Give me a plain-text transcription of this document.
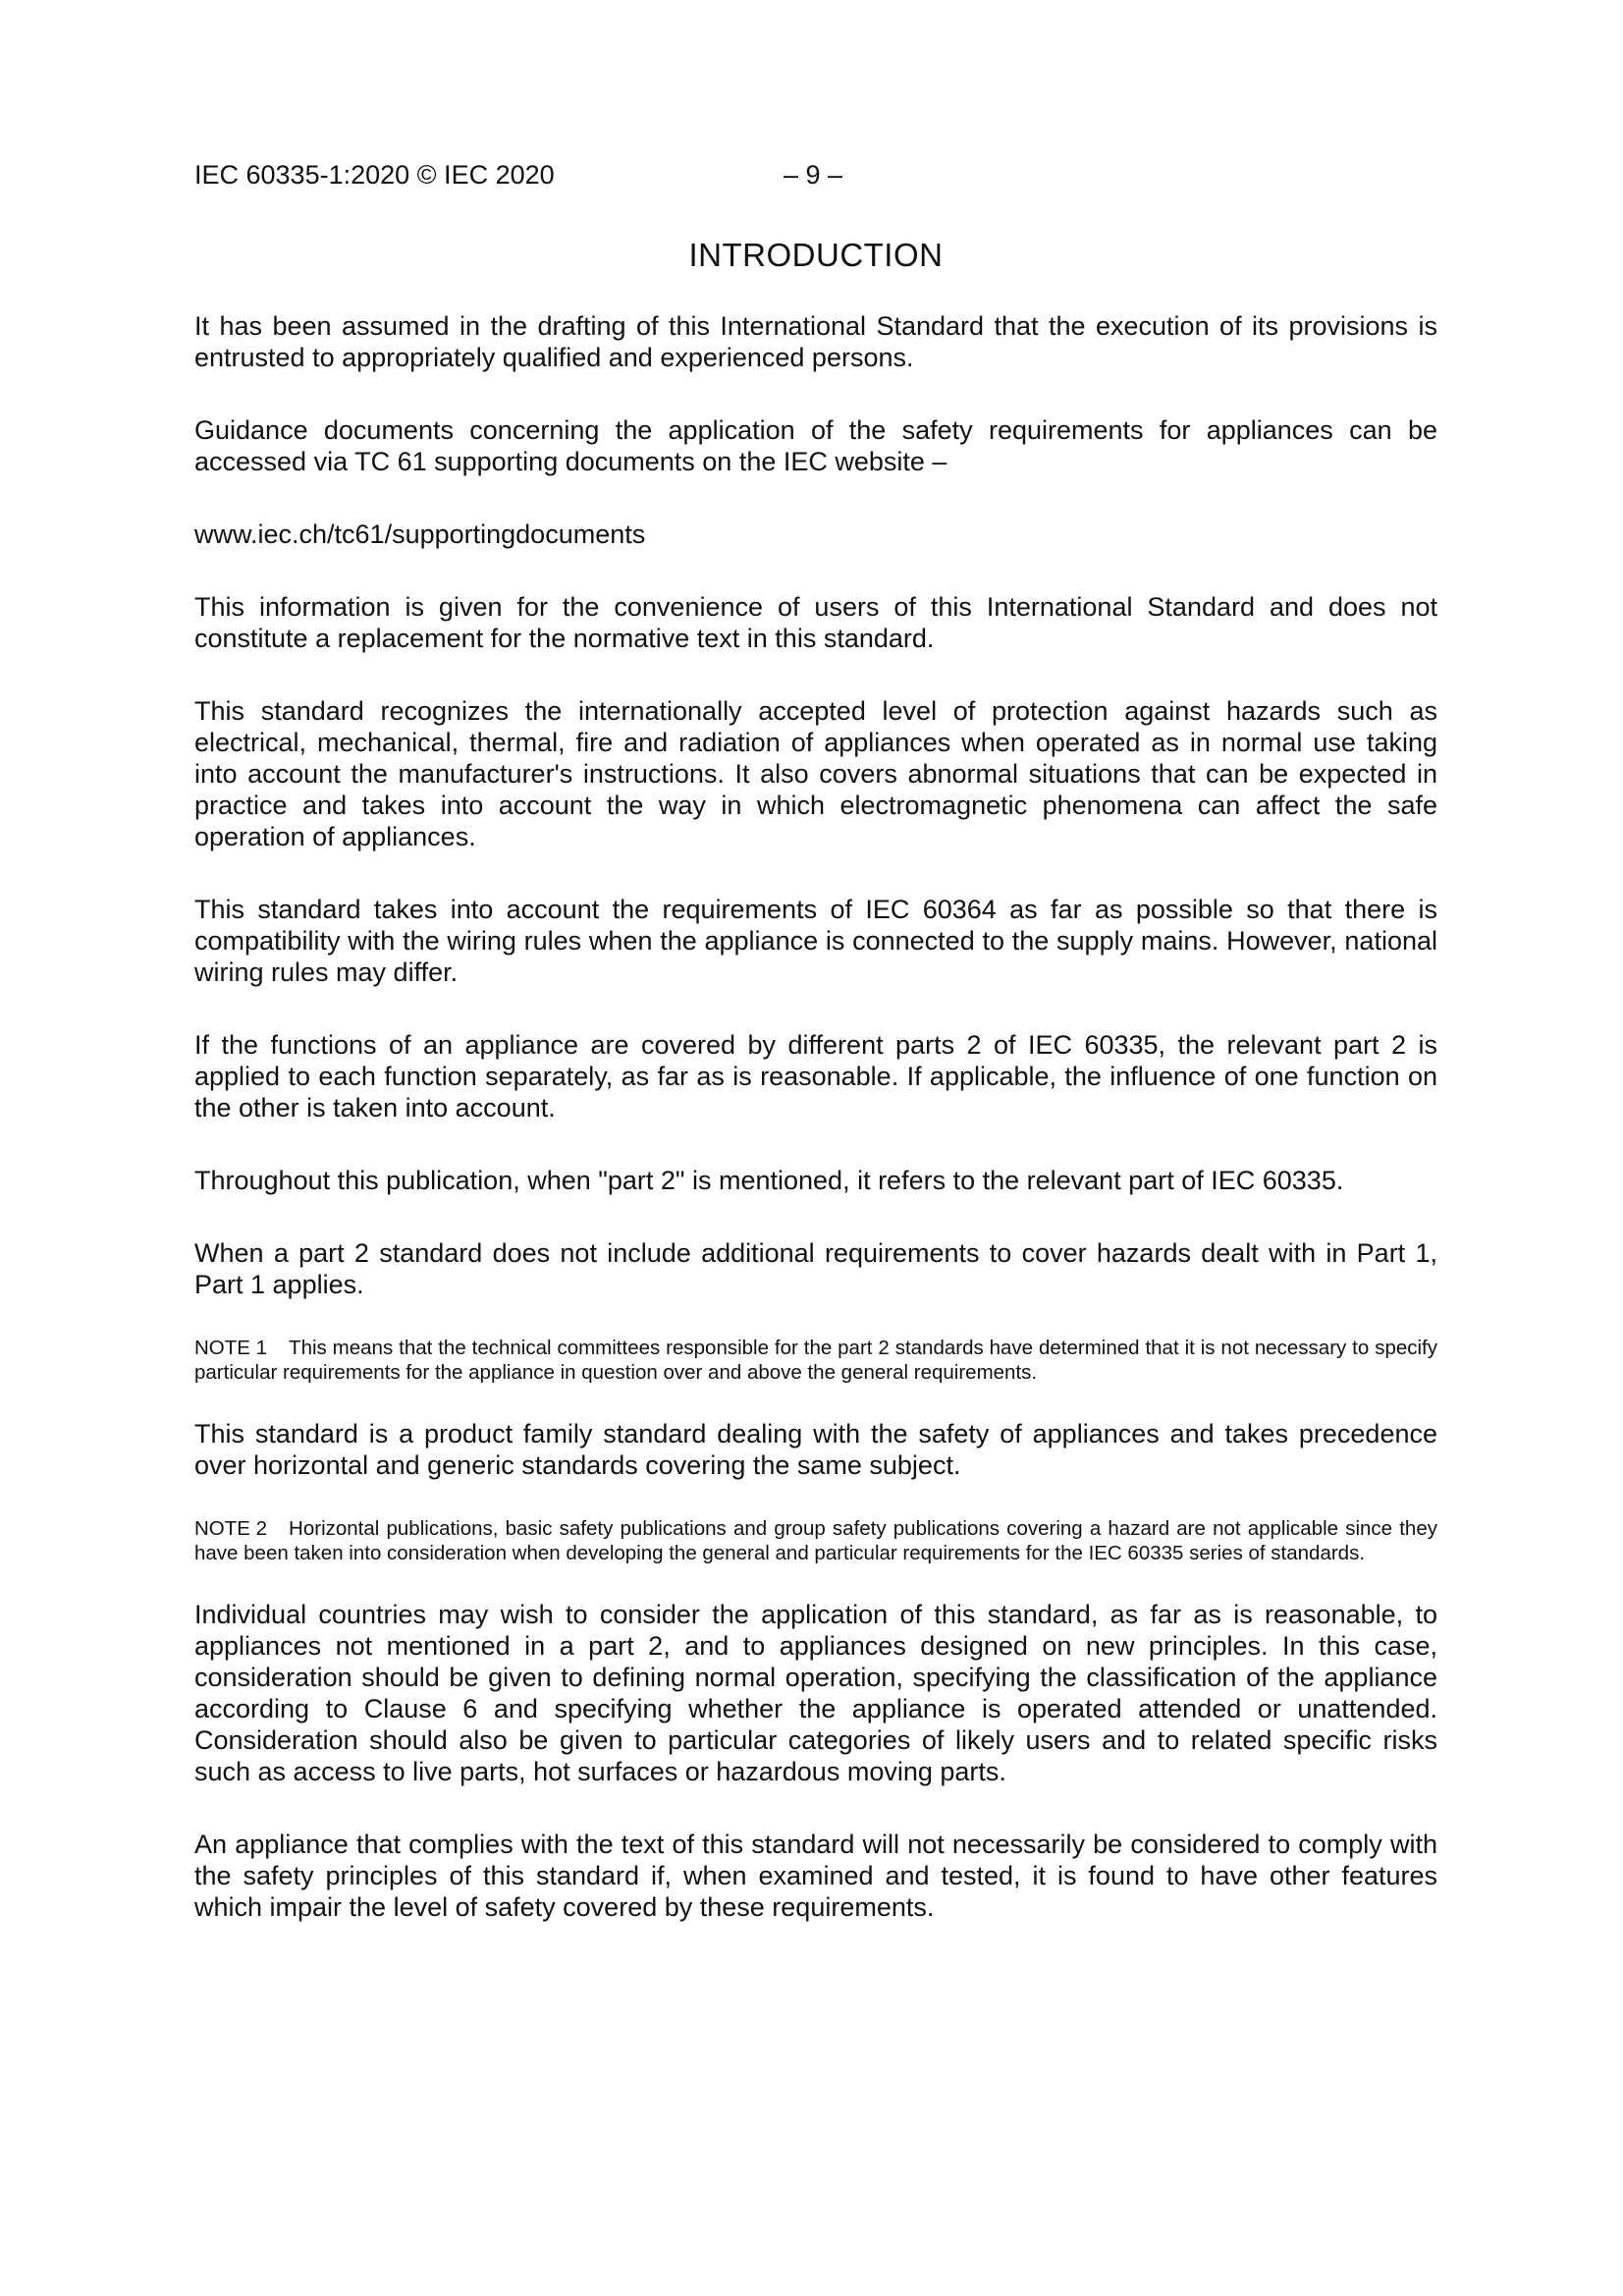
IEC 60335-1:2020 © IEC 2020	– 9 –
INTRODUCTION

It has been assumed in the drafting of this International Standard that the execution of its provisions is entrusted to appropriately qualified and experienced persons.

Guidance documents concerning the application of the safety requirements for appliances can be accessed via TC 61 supporting documents on the IEC website –

www.iec.ch/tc61/supportingdocuments

This information is given for the convenience of users of this International Standard and does not constitute a replacement for the normative text in this standard.

This standard recognizes the internationally accepted level of protection against hazards such as electrical, mechanical, thermal, fire and radiation of appliances when operated as in normal use taking into account the manufacturer's instructions. It also covers abnormal situations that can be expected in practice and takes into account the way in which electromagnetic phenomena can affect the safe operation of appliances.

This standard takes into account the requirements of IEC 60364 as far as possible so that there is compatibility with the wiring rules when the appliance is connected to the supply mains. However, national wiring rules may differ.

If the functions of an appliance are covered by different parts 2 of IEC 60335, the relevant part 2 is applied to each function separately, as far as is reasonable. If applicable, the influence of one function on the other is taken into account.

Throughout this publication, when "part 2" is mentioned, it refers to the relevant part of IEC 60335.

When a part 2 standard does not include additional requirements to cover hazards dealt with in Part 1, Part 1 applies.

NOTE 1 This means that the technical committees responsible for the part 2 standards have determined that it is not necessary to specify particular requirements for the appliance in question over and above the general requirements.

This standard is a product family standard dealing with the safety of appliances and takes precedence over horizontal and generic standards covering the same subject.

NOTE 2 Horizontal publications, basic safety publications and group safety publications covering a hazard are not applicable since they have been taken into consideration when developing the general and particular requirements for the IEC 60335 series of standards.

Individual countries may wish to consider the application of this standard, as far as is reasonable, to appliances not mentioned in a part 2, and to appliances designed on new principles. In this case, consideration should be given to defining normal operation, specifying the classification of the appliance according to Clause 6 and specifying whether the appliance is operated attended or unattended. Consideration should also be given to particular categories of likely users and to related specific risks such as access to live parts, hot surfaces or hazardous moving parts.

An appliance that complies with the text of this standard will not necessarily be considered to comply with the safety principles of this standard if, when examined and tested, it is found to have other features which impair the level of safety covered by these requirements.
